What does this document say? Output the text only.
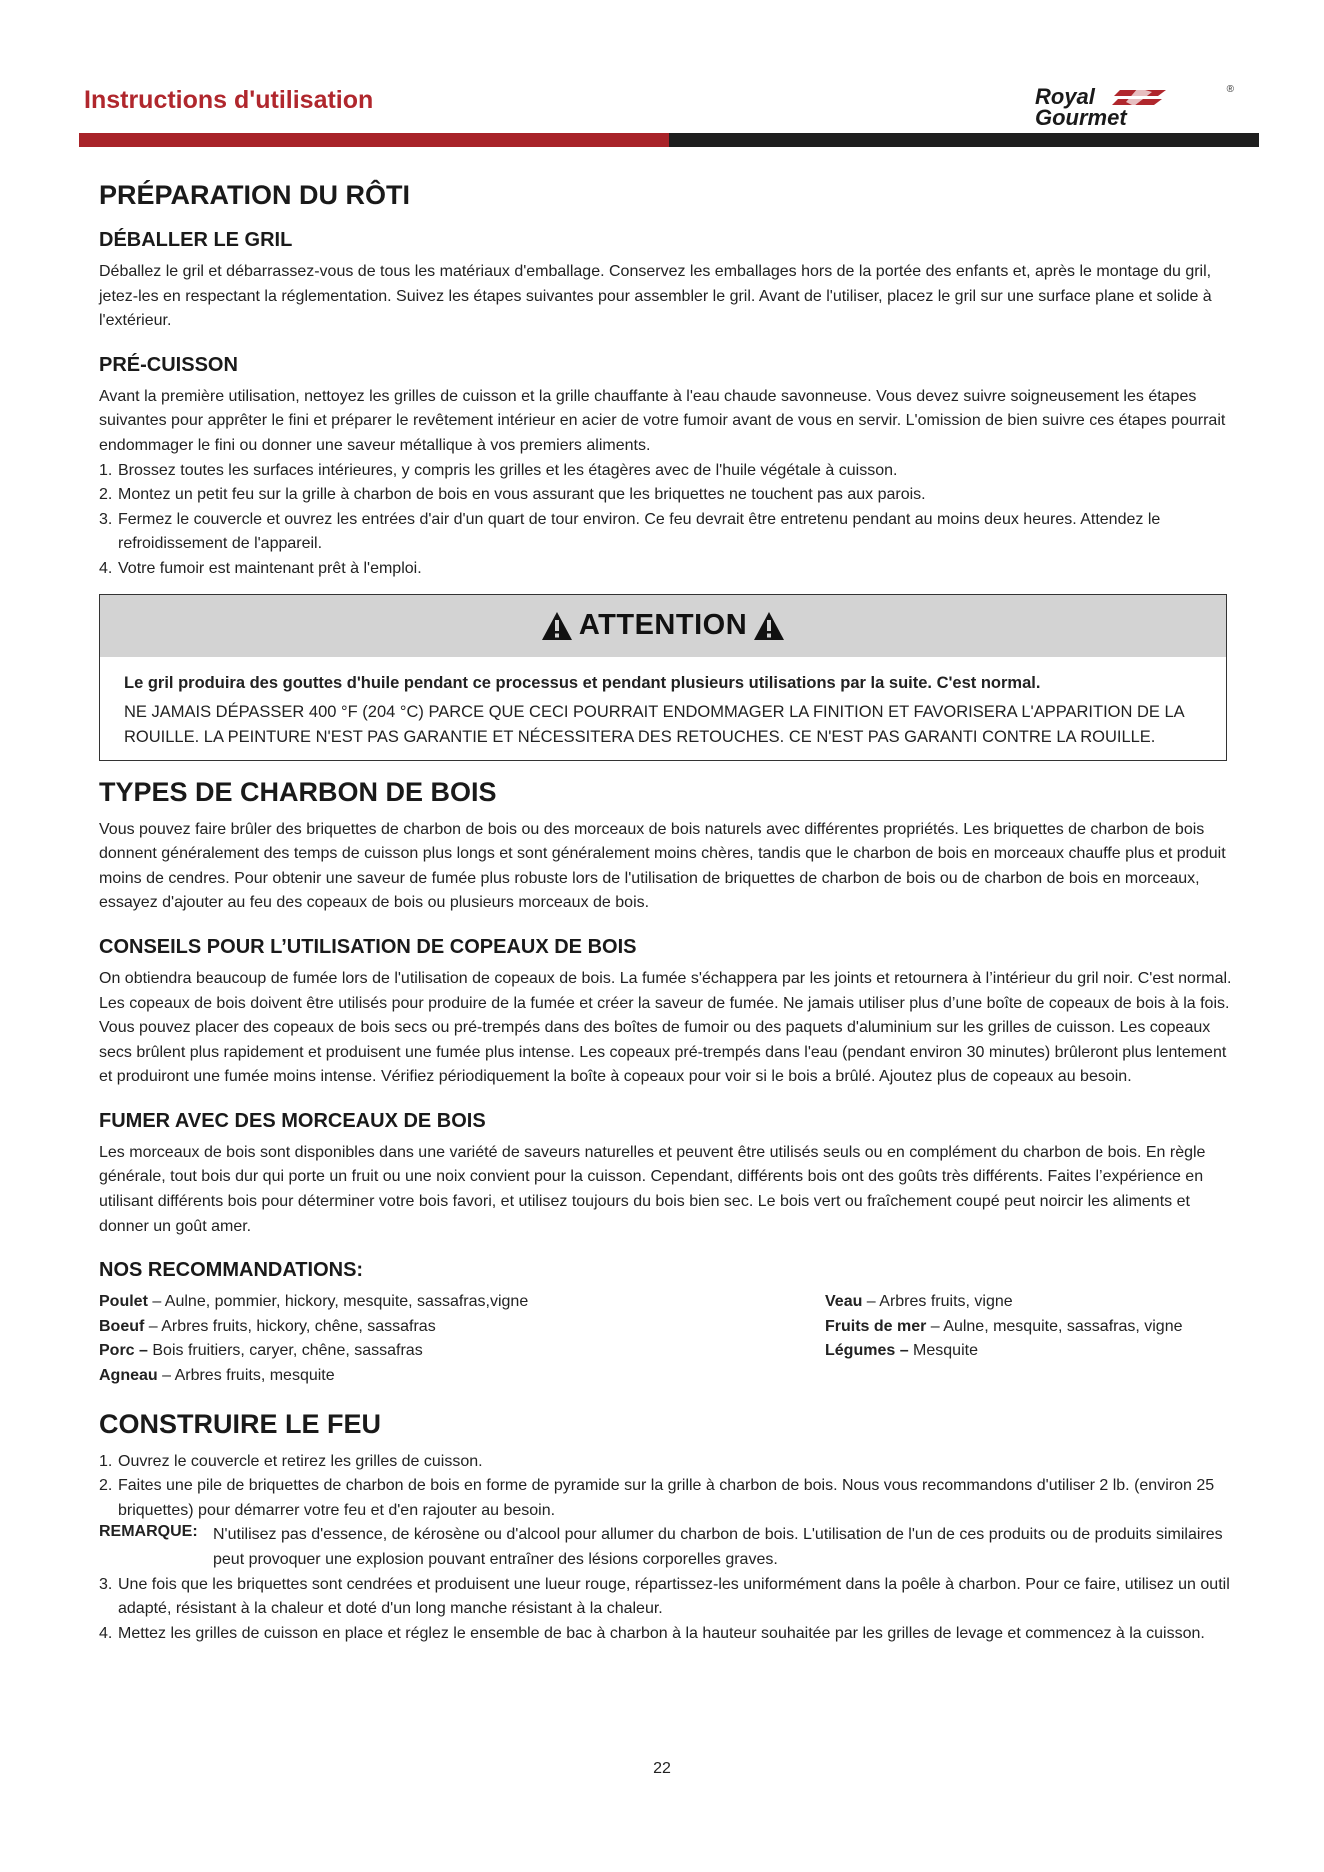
Instructions d'utilisation	Royal
Gourmet
®
PRÉPARATION DU RÔTI
DÉBALLER LE GRIL

Déballez le gril et débarrassez-vous de tous les matériaux d'emballage. Conservez les emballages hors de la portée des enfants et, après le montage du gril, jetez-les en respectant la réglementation. Suivez les étapes suivantes pour assembler le gril. Avant de l'utiliser, placez le gril sur une surface plane et solide à l'extérieur.

PRÉ-CUISSON

Avant la première utilisation, nettoyez les grilles de cuisson et la grille chauffante à l'eau chaude savonneuse. Vous devez suivre soigneusement les étapes suivantes pour apprêter le fini et préparer le revêtement intérieur en acier de votre fumoir avant de vous en servir. L'omission de bien suivre ces étapes pourrait endommager le fini ou donner une saveur métallique à vos premiers aliments.

1. Brossez toutes les surfaces intérieures, y compris les grilles et les étagères avec de l'huile végétale à cuisson.
2. Montez un petit feu sur la grille à charbon de bois en vous assurant que les briquettes ne touchent pas aux parois.
3. Fermez le couvercle et ouvrez les entrées d'air d'un quart de tour environ. Ce feu devrait être entretenu pendant au moins deux heures. Attendez le refroidissement de l'appareil.
4. Votre fumoir est maintenant prêt à l'emploi.
ATTENTION
Le gril produira des gouttes d'huile pendant ce processus et pendant plusieurs utilisations par la suite. C'est normal.
NE JAMAIS DÉPASSER 400 °F (204 °C) PARCE QUE CECI POURRAIT ENDOMMAGER LA FINITION ET FAVORISERA L'APPARITION DE LA ROUILLE. LA PEINTURE N'EST PAS GARANTIE ET NÉCESSITERA DES RETOUCHES. CE N'EST PAS GARANTI CONTRE LA ROUILLE.
TYPES DE CHARBON DE BOIS

Vous pouvez faire brûler des briquettes de charbon de bois ou des morceaux de bois naturels avec différentes propriétés. Les briquettes de charbon de bois donnent généralement des temps de cuisson plus longs et sont généralement moins chères, tandis que le charbon de bois en morceaux chauffe plus et produit moins de cendres. Pour obtenir une saveur de fumée plus robuste lors de l'utilisation de briquettes de charbon de bois ou de charbon de bois en morceaux, essayez d'ajouter au feu des copeaux de bois ou plusieurs morceaux de bois.

CONSEILS POUR L’UTILISATION DE COPEAUX DE BOIS

On obtiendra beaucoup de fumée lors de l'utilisation de copeaux de bois. La fumée s'échappera par les joints et retournera à l’intérieur du gril noir. C'est normal. Les copeaux de bois doivent être utilisés pour produire de la fumée et créer la saveur de fumée. Ne jamais utiliser plus d’une boîte de copeaux de bois à la fois. Vous pouvez placer des copeaux de bois secs ou pré-trempés dans des boîtes de fumoir ou des paquets d'aluminium sur les grilles de cuisson. Les copeaux secs brûlent plus rapidement et produisent une fumée plus intense. Les copeaux pré-trempés dans l'eau (pendant environ 30 minutes) brûleront plus lentement et produiront une fumée moins intense. Vérifiez périodiquement la boîte à copeaux pour voir si le bois a brûlé. Ajoutez plus de copeaux au besoin.

FUMER AVEC DES MORCEAUX DE BOIS

Les morceaux de bois sont disponibles dans une variété de saveurs naturelles et peuvent être utilisés seuls ou en complément du charbon de bois. En règle générale, tout bois dur qui porte un fruit ou une noix convient pour la cuisson. Cependant, différents bois ont des goûts très différents. Faites l’expérience en utilisant différents bois pour déterminer votre bois favori, et utilisez toujours du bois bien sec. Le bois vert ou fraîchement coupé peut noircir les aliments et donner un goût amer.

NOS RECOMMANDATIONS:
Poulet – Aulne, pommier, hickory, mesquite, sassafras,vigne
Boeuf – Arbres fruits, hickory, chêne, sassafras
Porc – Bois fruitiers, caryer, chêne, sassafras
Agneau – Arbres fruits, mesquite
Veau – Arbres fruits, vigne
Fruits de mer – Aulne, mesquite, sassafras, vigne
Légumes – Mesquite
CONSTRUIRE LE FEU
1. Ouvrez le couvercle et retirez les grilles de cuisson.
2. Faites une pile de briquettes de charbon de bois en forme de pyramide sur la grille à charbon de bois. Nous vous recommandons d'utiliser 2 lb. (environ 25 briquettes) pour démarrer votre feu et d'en rajouter au besoin.
REMARQUE: N'utilisez pas d'essence, de kérosène ou d'alcool pour allumer du charbon de bois. L'utilisation de l'un de ces produits ou de produits similaires peut provoquer une explosion pouvant entraîner des lésions corporelles graves.

3. Une fois que les briquettes sont cendrées et produisent une lueur rouge, répartissez-les uniformément dans la poêle à charbon. Pour ce faire, utilisez un outil adapté, résistant à la chaleur et doté d'un long manche résistant à la chaleur.
4. Mettez les grilles de cuisson en place et réglez le ensemble de bac à charbon à la hauteur souhaitée par les grilles de levage et commencez à la cuisson.
22
